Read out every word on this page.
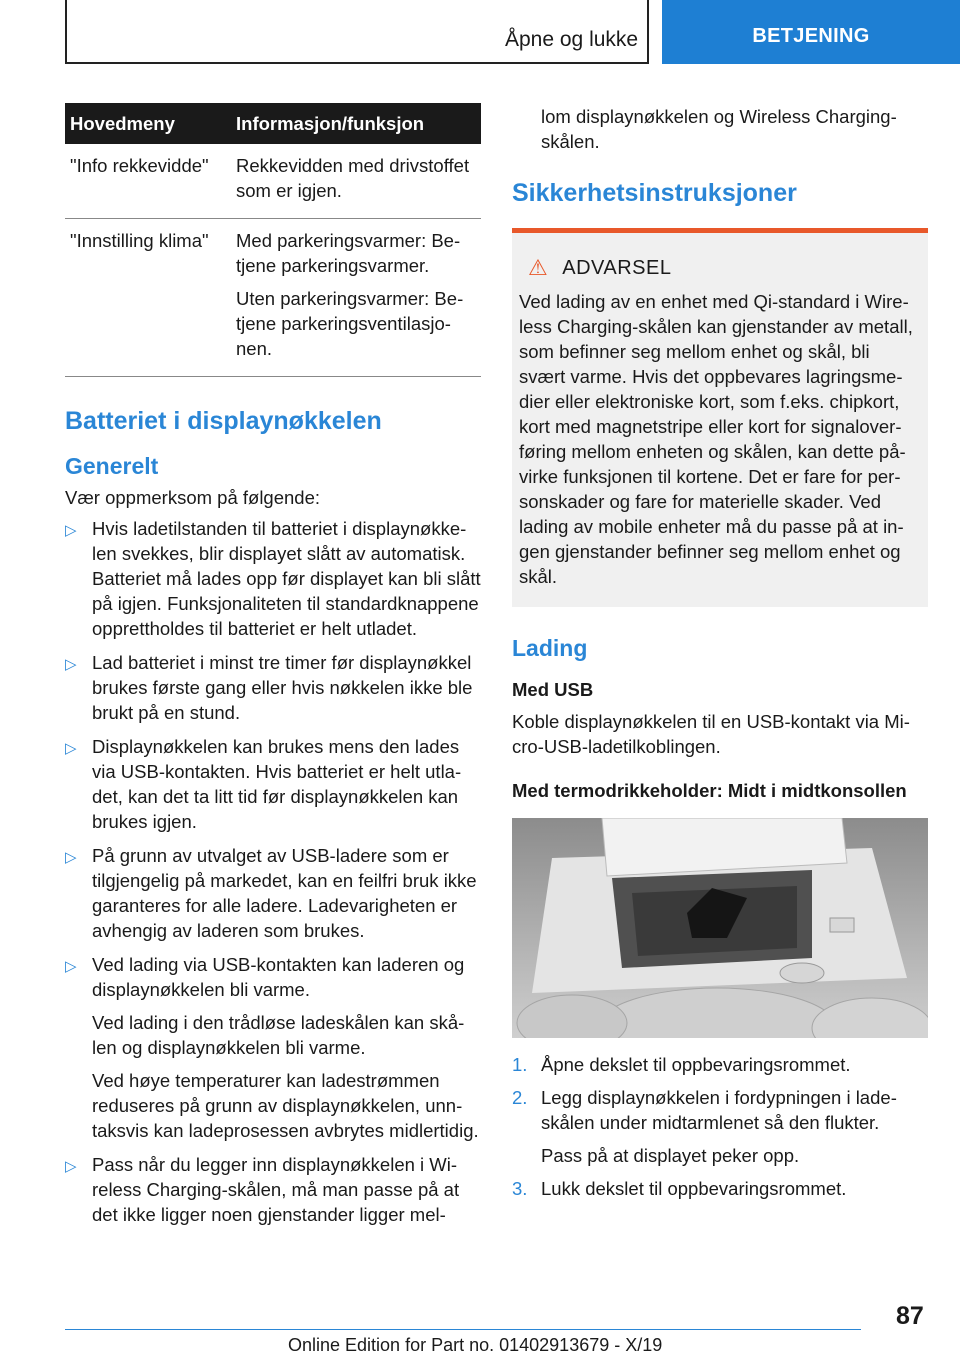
Åpne og lukke	BETJENING
Hovedmeny	Informasjon/funksjon
"Info rekkevidde"	Rekkevidden med drivstoffet som er igjen.

"Innstilling klima"	Med parkeringsvarmer: Betjene parkeringsvarmer.
Uten parkeringsvarmer: Betjene parkeringsventilasjonen.
Batteriet i displaynøkkelen
Generelt

Vær oppmerksom på følgende:

▷ Hvis ladetilstanden til batteriet i displaynøkkelen svekkes, blir displayet slått av automatisk. Batteriet må lades opp før displayet kan bli slått på igjen. Funksjonaliteten til standardknappene opprettholdes til batteriet er helt utladet.
▷ Lad batteriet i minst tre timer før displaynøkkel brukes første gang eller hvis nøkkelen ikke ble brukt på en stund.
▷ Displaynøkkelen kan brukes mens den lades via USB-kontakten. Hvis batteriet er helt utladet, kan det ta litt tid før displaynøkkelen kan brukes igjen.
▷ På grunn av utvalget av USB-ladere som er tilgjengelig på markedet, kan en feilfri bruk ikke garanteres for alle ladere. Ladevarigheten er avhengig av laderen som brukes.
▷ Ved lading via USB-kontakten kan laderen og displaynøkkelen bli varme.
Ved lading i den trådløse ladeskålen kan skålen og displaynøkkelen bli varme.
Ved høye temperaturer kan ladestrømmen reduseres på grunn av displaynøkkelen, unntaksvis kan ladeprosessen avbrytes midlertidig.
▷ Pass når du legger inn displaynøkkelen i Wireless Charging-skålen, må man passe på at det ikke ligger noen gjenstander ligger mel-

lom displaynøkkelen og Wireless Charging-skålen.

Sikkerhetsinstruksjoner
⚠ ADVARSEL

Ved lading av en enhet med Qi-standard i Wireless Charging-skålen kan gjenstander av metall, som befinner seg mellom enhet og skål, bli svært varme. Hvis det oppbevares lagringsmedier eller elektroniske kort, som f.eks. chipkort, kort med magnetstripe eller kort for signaloverføring mellom enheten og skålen, kan dette påvirke funksjonen til kortene. Det er fare for personskader og fare for materielle skader. Ved lading av mobile enheter må du passe på at ingen gjenstander befinner seg mellom enhet og skål.

Lading
Med USB

Koble displaynøkkelen til en USB-kontakt via Micro-USB-ladetilkoblingen.

Med termodrikkeholder: Midt i midtkonsollen
1. Åpne dekslet til oppbevaringsrommet.
2. Legg displaynøkkelen i fordypningen i ladeskålen under midtarmlenet så den flukter.
Pass på at displayet peker opp.
3. Lukk dekslet til oppbevaringsrommet.
87
Online Edition for Part no. 01402913679 - X/19
